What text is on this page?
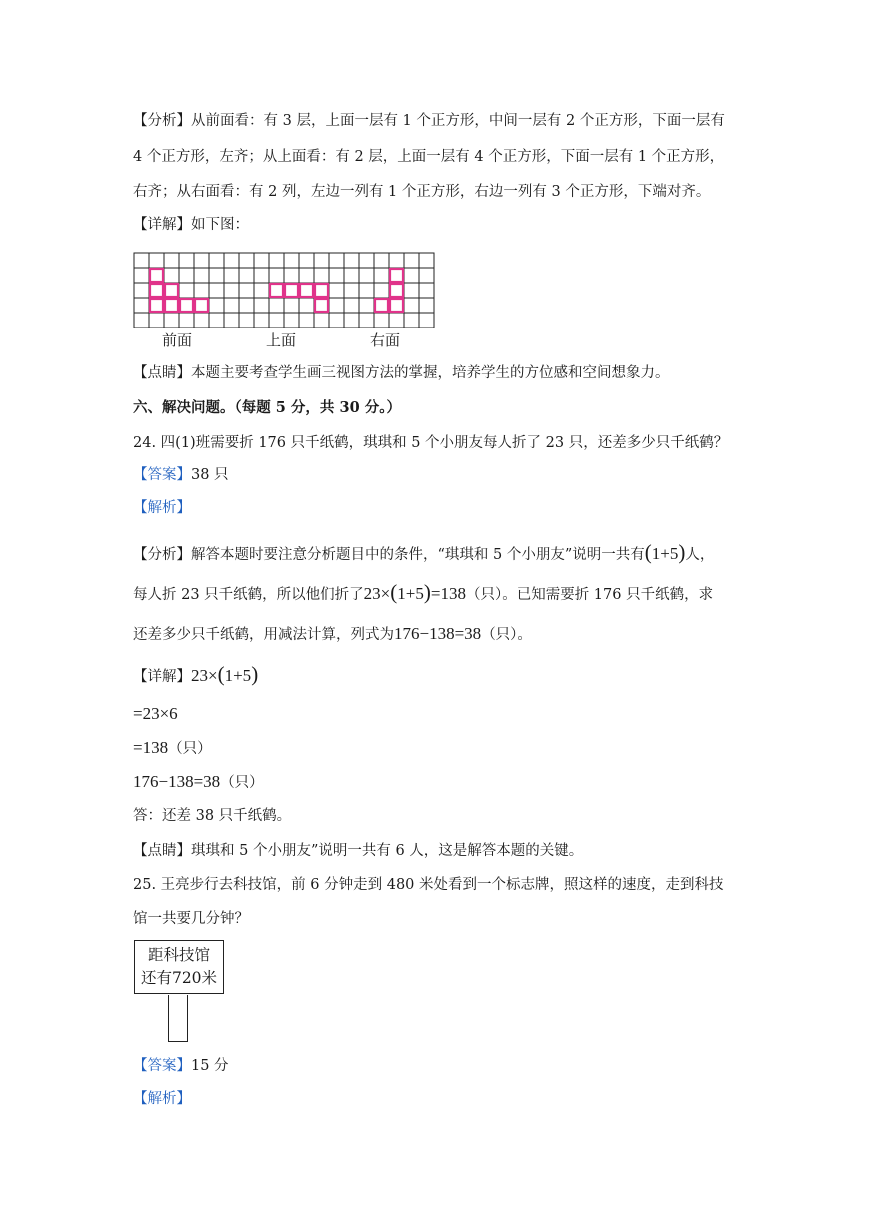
【分析】从前面看：有 3 层，上面一层有 1 个正方形，中间一层有 2 个正方形，下面一层有
4 个正方形，左齐；从上面看：有 2 层，上面一层有 4 个正方形，下面一层有 1 个正方形，
右齐；从右面看：有 2 列，左边一列有 1 个正方形，右边一列有 3 个正方形，下端对齐。
【详解】如下图：
前面	上面	右面
【点睛】本题主要考查学生画三视图方法的掌握，培养学生的方位感和空间想象力。
六、解决问题。（每题 5 分，共 30 分。）
24. 四(1)班需要折 176 只千纸鹤，琪琪和 5 个小朋友每人折了 23 只，还差多少只千纸鹤？
【答案】38 只
【解析】
【分析】解答本题时要注意分析题目中的条件，“琪琪和 5 个小朋友”说明一共有(1+5)人，
每人折 23 只千纸鹤，所以他们折了23×(1+5)=138（只）。已知需要折 176 只千纸鹤，求
还差多少只千纸鹤，用减法计算，列式为176−138=38（只）。
【详解】23×(1+5)
=23×6
=138（只）
176−138=38（只）
答：还差 38 只千纸鹤。
【点睛】琪琪和 5 个小朋友”说明一共有 6 人，这是解答本题的关键。
25. 王亮步行去科技馆，前 6 分钟走到 480 米处看到一个标志牌，照这样的速度，走到科技
馆一共要几分钟？
距科技馆
还有720米
【答案】15 分
【解析】
